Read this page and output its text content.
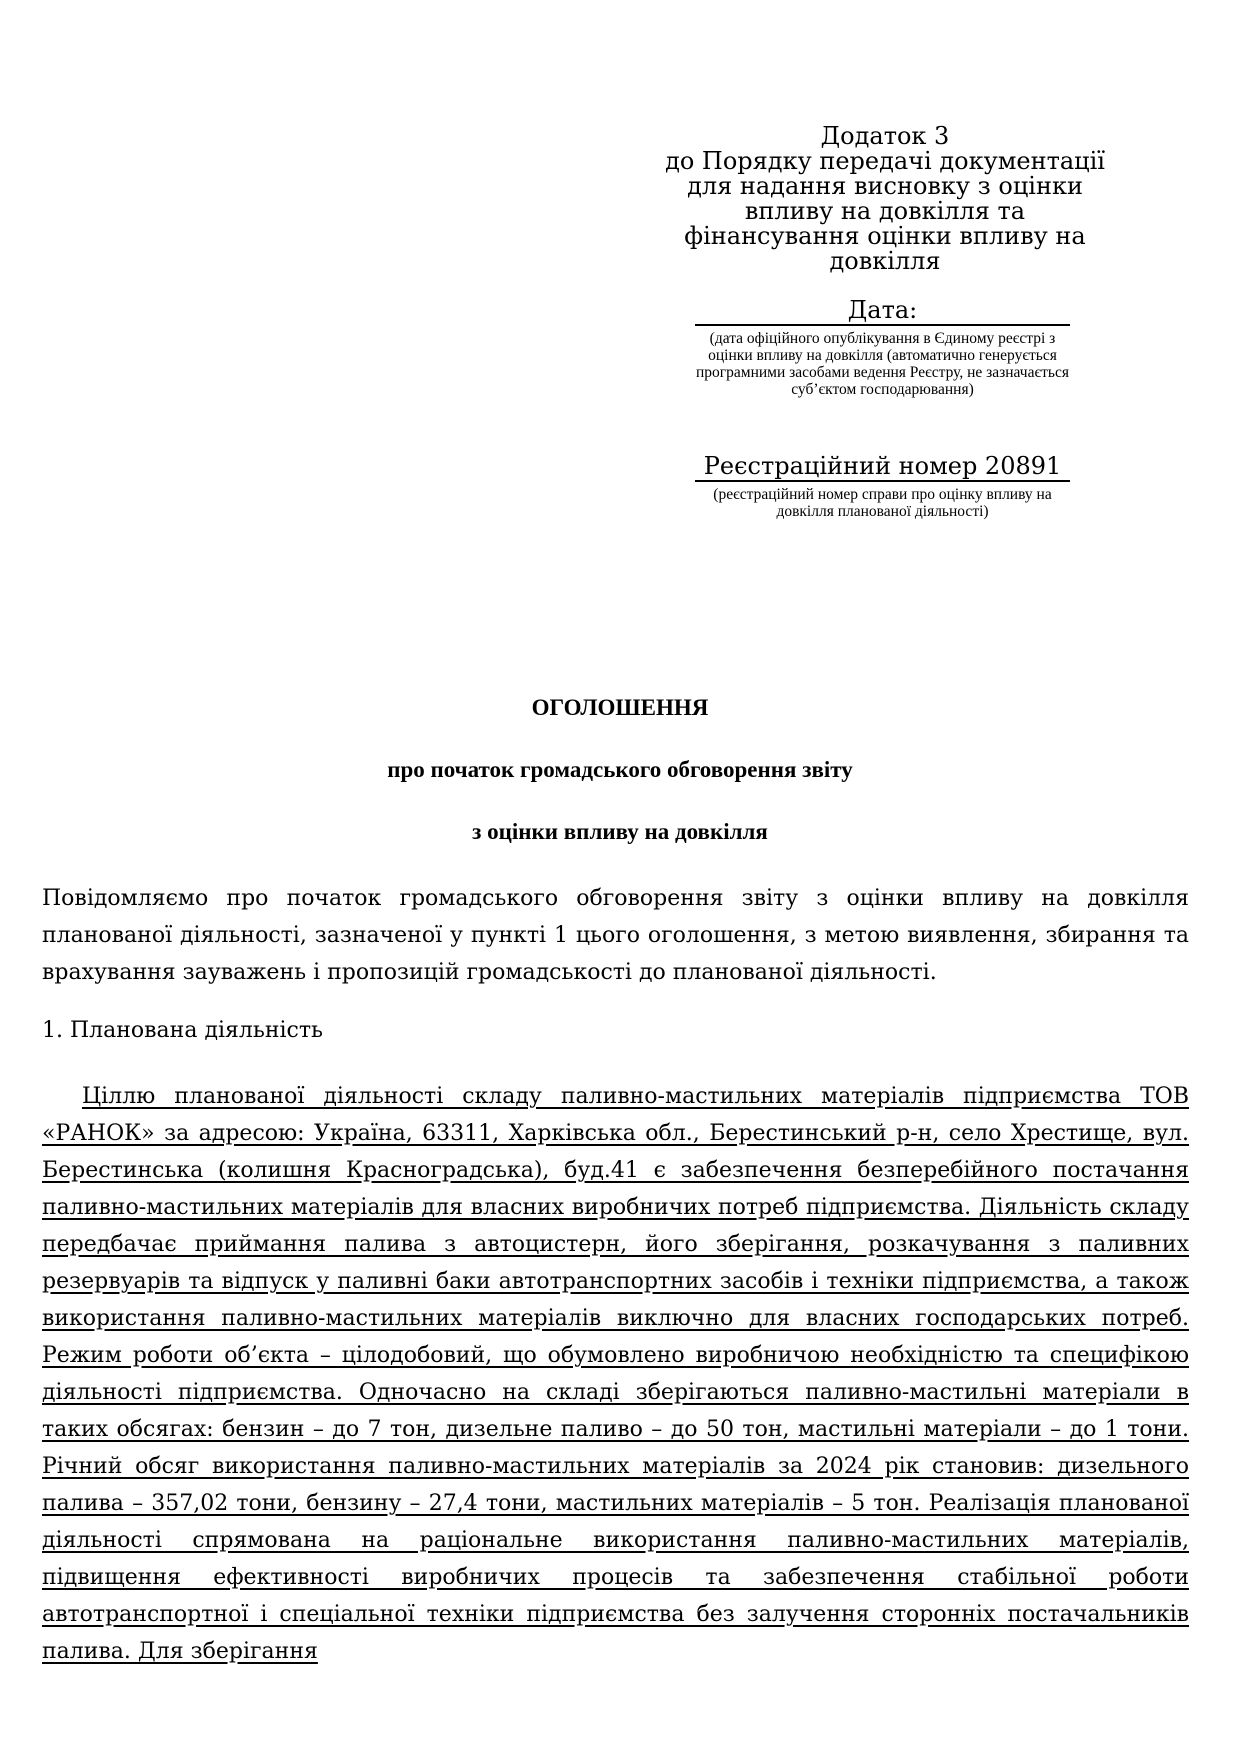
Додаток 3
до Порядку передачі документації
для надання висновку з оцінки
впливу на довкілля та
фінансування оцінки впливу на
довкілля
Дата:
(дата офіційного опублікування в Єдиному реєстрі з оцінки впливу на довкілля (автоматично генерується програмними засобами ведення Реєстру, не зазначається суб’єктом господарювання)
Реєстраційний номер 20891
(реєстраційний номер справи про оцінку впливу на довкілля планованої діяльності)
ОГОЛОШЕННЯ
про початок громадського обговорення звіту
з оцінки впливу на довкілля
Повідомляємо про початок громадського обговорення звіту з оцінки впливу на довкілля планованої діяльності, зазначеної у пункті 1 цього оголошення, з метою виявлення, збирання та врахування зауважень і пропозицій громадськості до планованої діяльності.
1. Планована діяльність
Ціллю планованої діяльності складу паливно-мастильних матеріалів підприємства ТОВ «РАНОК» за адресою: Україна, 63311, Харківська обл., Берестинський р-н, село Хрестище, вул. Берестинська (колишня Красноградська), буд.41 є забезпечення безперебійного постачання паливно-мастильних матеріалів для власних виробничих потреб підприємства. Діяльність складу передбачає приймання палива з автоцистерн, його зберігання, розкачування з паливних резервуарів та відпуск у паливні баки автотранспортних засобів і техніки підприємства, а також використання паливно-мастильних матеріалів виключно для власних господарських потреб. Режим роботи об’єкта – цілодобовий, що обумовлено виробничою необхідністю та специфікою діяльності підприємства. Одночасно на складі зберігаються паливно-мастильні матеріали в таких обсягах: бензин – до 7 тон, дизельне паливо – до 50 тон, мастильні матеріали – до 1 тони. Річний обсяг використання паливно-мастильних матеріалів за 2024 рік становив: дизельного палива – 357,02 тони, бензину – 27,4 тони, мастильних матеріалів – 5 тон. Реалізація планованої діяльності спрямована на раціональне використання паливно-мастильних матеріалів, підвищення ефективності виробничих процесів та забезпечення стабільної роботи автотранспортної і спеціальної техніки підприємства без залучення сторонніх постачальників палива. Для зберігання
